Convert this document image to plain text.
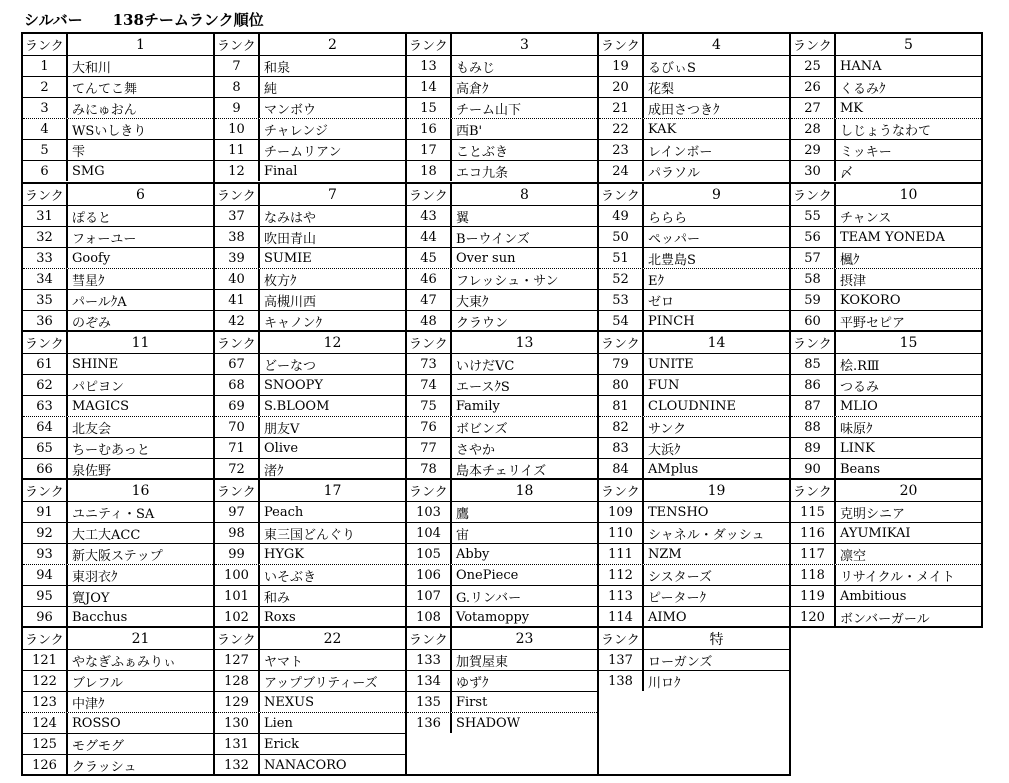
シルバー　　138チームランク順位
ランク	1
1	大和川
2	てんてこ舞
3	みにゅおん
4	WSいしきり
5	雫
6	SMG
ランク	6
31	ぽると
32	フォーユー
33	Goofy
34	彗星ｸ
35	パールｸA
36	のぞみ
ランク	11
61	SHINE
62	パピヨン
63	MAGICS
64	北友会
65	ちーむあっと
66	泉佐野
ランク	16
91	ユニティ・SA
92	大工大ACC
93	新大阪ステップ
94	東羽衣ｸ
95	寛JOY
96	Bacchus
ランク	21
121	やなぎふぁみりぃ
122	ブレフル
123	中津ｸ
124	ROSSO
125	モグモグ
126	クラッシュ
ランク	2
7	和泉
8	純
9	マンボウ
10	チャレンジ
11	チームリアン
12	Final
ランク	7
37	なみはや
38	吹田青山
39	SUMIE
40	枚方ｸ
41	高槻川西
42	キャノンｸ
ランク	12
67	どーなつ
68	SNOOPY
69	S.BLOOM
70	朋友V
71	Olive
72	渚ｸ
ランク	17
97	Peach
98	東三国どんぐり
99	HYGK
100	いそぶき
101	和み
102	Roxs
ランク	22
127	ヤマト
128	アップブリティーズ
129	NEXUS
130	Lien
131	Erick
132	NANACORO
ランク	3
13	もみじ
14	高倉ｸ
15	チーム山下
16	西B'
17	ことぶき
18	エコ九条
ランク	8
43	翼
44	Bーウインズ
45	Over sun
46	フレッシュ・サン
47	大東ｸ
48	クラウン
ランク	13
73	いけだVC
74	エースｸS
75	Family
76	ボビンズ
77	さやか
78	島本チェリイズ
ランク	18
103	鷹
104	宙
105	Abby
106	OnePiece
107	G.リンバー
108	Votamoppy
ランク	23
133	加賀屋東
134	ゆずｸ
135	First
136	SHADOW
ランク	4
19	るびぃS
20	花梨
21	成田さつきｸ
22	KAK
23	レインボー
24	パラソル
ランク	9
49	ららら
50	ペッパー
51	北豊島S
52	Eｸ
53	ゼロ
54	PINCH
ランク	14
79	UNITE
80	FUN
81	CLOUDNINE
82	サンク
83	大浜ｸ
84	AMplus
ランク	19
109	TENSHO
110	シャネル・ダッシュ
111	NZM
112	シスターズ
113	ピーターｸ
114	AIMO
ランク	特
137	ローガンズ
138	川ロｸ
ランク	5
25	HANA
26	くるみｸ
27	MK
28	しじょうなわて
29	ミッキー
30	〆
ランク	10
55	チャンス
56	TEAM YONEDA
57	楓ｸ
58	摂津
59	KOKORO
60	平野セピア
ランク	15
85	桧.RⅢ
86	つるみ
87	MLIO
88	味原ｸ
89	LINK
90	Beans
ランク	20
115	克明シニア
116	AYUMIKAI
117	凛空
118	リサイクル・メイト
119	Ambitious
120	ボンバーガール
